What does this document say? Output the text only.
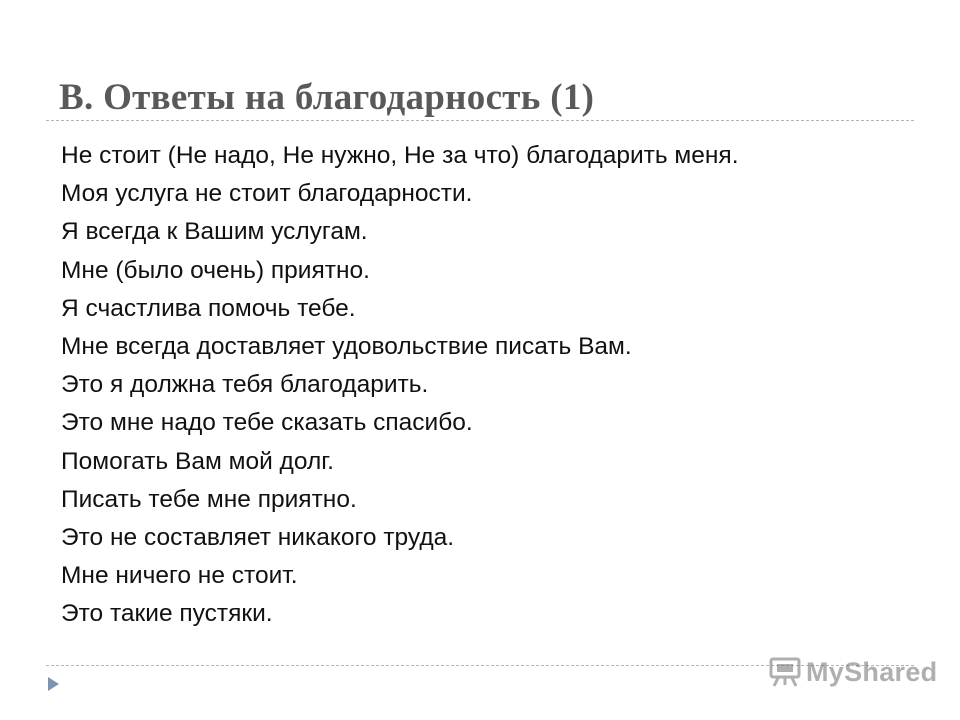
B. Ответы на благодарность (1)
Не стоит (Не надо, Не нужно, Не за что) благодарить меня.
Моя услуга не стоит благодарности.
Я всегда к Вашим услугам.
Мне (было очень) приятно.
Я счастлива помочь тебе.
Мне всегда доставляет удовольствие писать Вам.
Это я должна тебя благодарить.
Это мне надо тебе сказать спасибо.
Помогать Вам мой долг.
Писать тебе мне приятно.
Это не составляет никакого труда.
Мне ничего не стоит.
Это такие пустяки.
MyShared
